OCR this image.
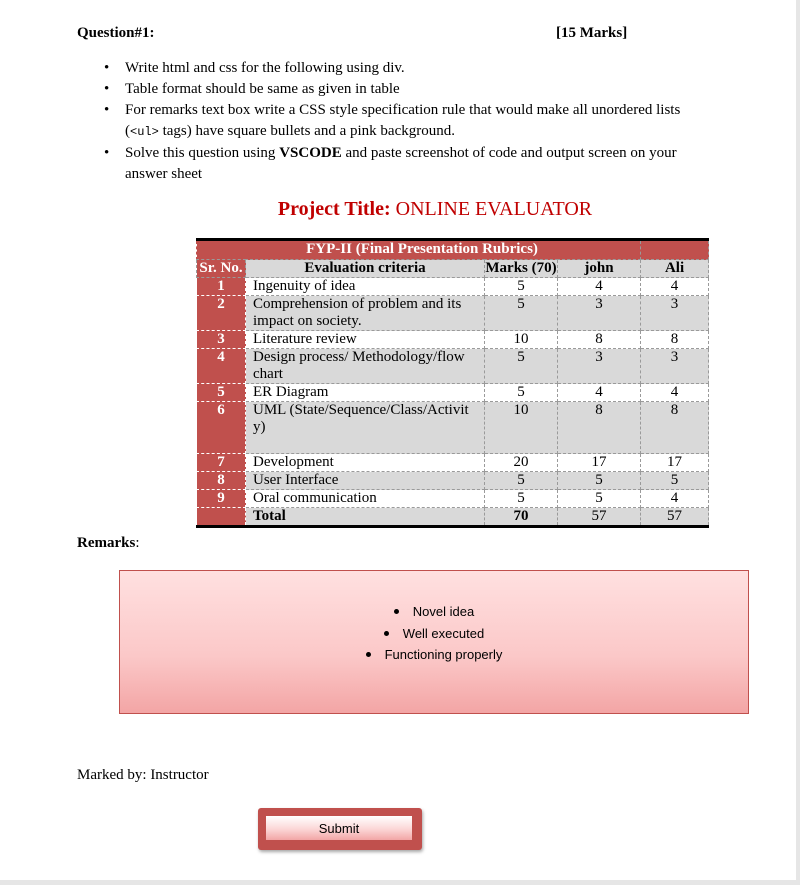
Question#1:	[15 Marks]
• Write html and css for the following using div.
• Table format should be same as given in table
• For remarks text box write a CSS style specification rule that would make all unordered lists (<ul> tags) have square bullets and a pink background.
• Solve this question using VSCODE and paste screenshot of code and output screen on your answer sheet
Project Title: ONLINE EVALUATOR
FYP-II (Final Presentation Rubrics)				
Sr. No.	Evaluation criteria	Marks (70)	john	Ali
1	Ingenuity of idea	5	4	4
2	Comprehension of problem and its impact on society.	5	3	3
3	Literature review	10	8	8
4	Design process/ Methodology/flow chart	5	3	3
5	ER Diagram	5	4	4
6	UML (State/Sequence/Class/Activit y)	10	8	8
7	Development	20	17	17
8	User Interface	5	5	5
9	Oral communication	5	5	4
	Total	70	57	57
Remarks:
Novel idea
Well executed
Functioning properly
Marked by: Instructor
Submit
